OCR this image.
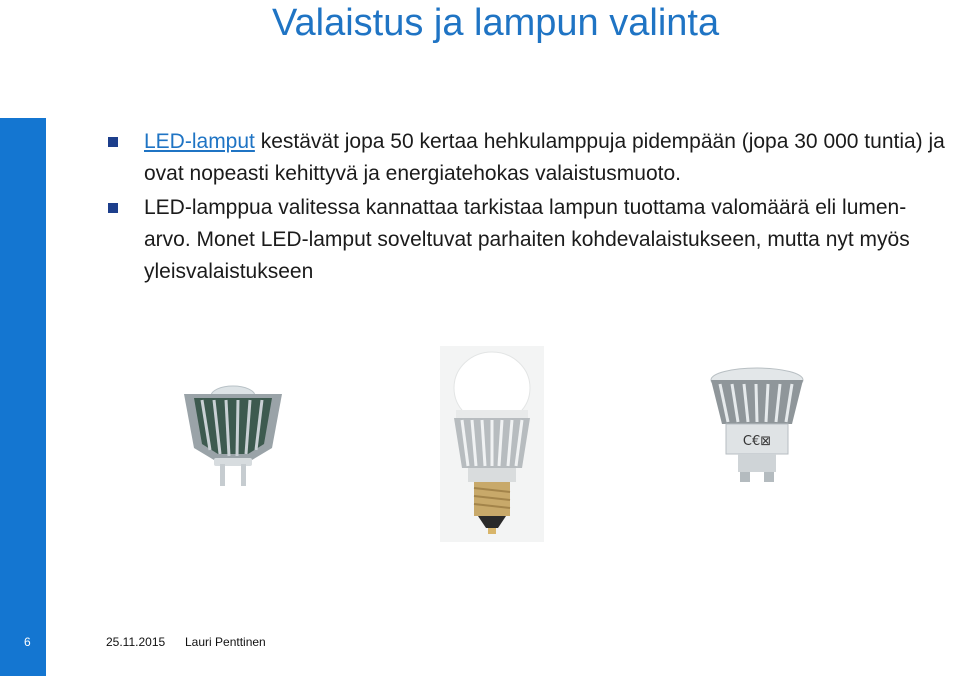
Valaistus ja lampun valinta
LED-lamput kestävät jopa 50 kertaa hehkulamppuja pidempään (jopa 30 000 tuntia) ja ovat nopeasti kehittyvä ja energiatehokas valaistusmuoto.
LED-lamppua valitessa kannattaa tarkistaa lampun tuottama valomäärä eli lumen-arvo. Monet LED-lamput soveltuvat parhaiten kohdevalaistukseen, mutta nyt myös yleisvalaistukseen
C€⊠
6	25.11.2015 Lauri Penttinen
